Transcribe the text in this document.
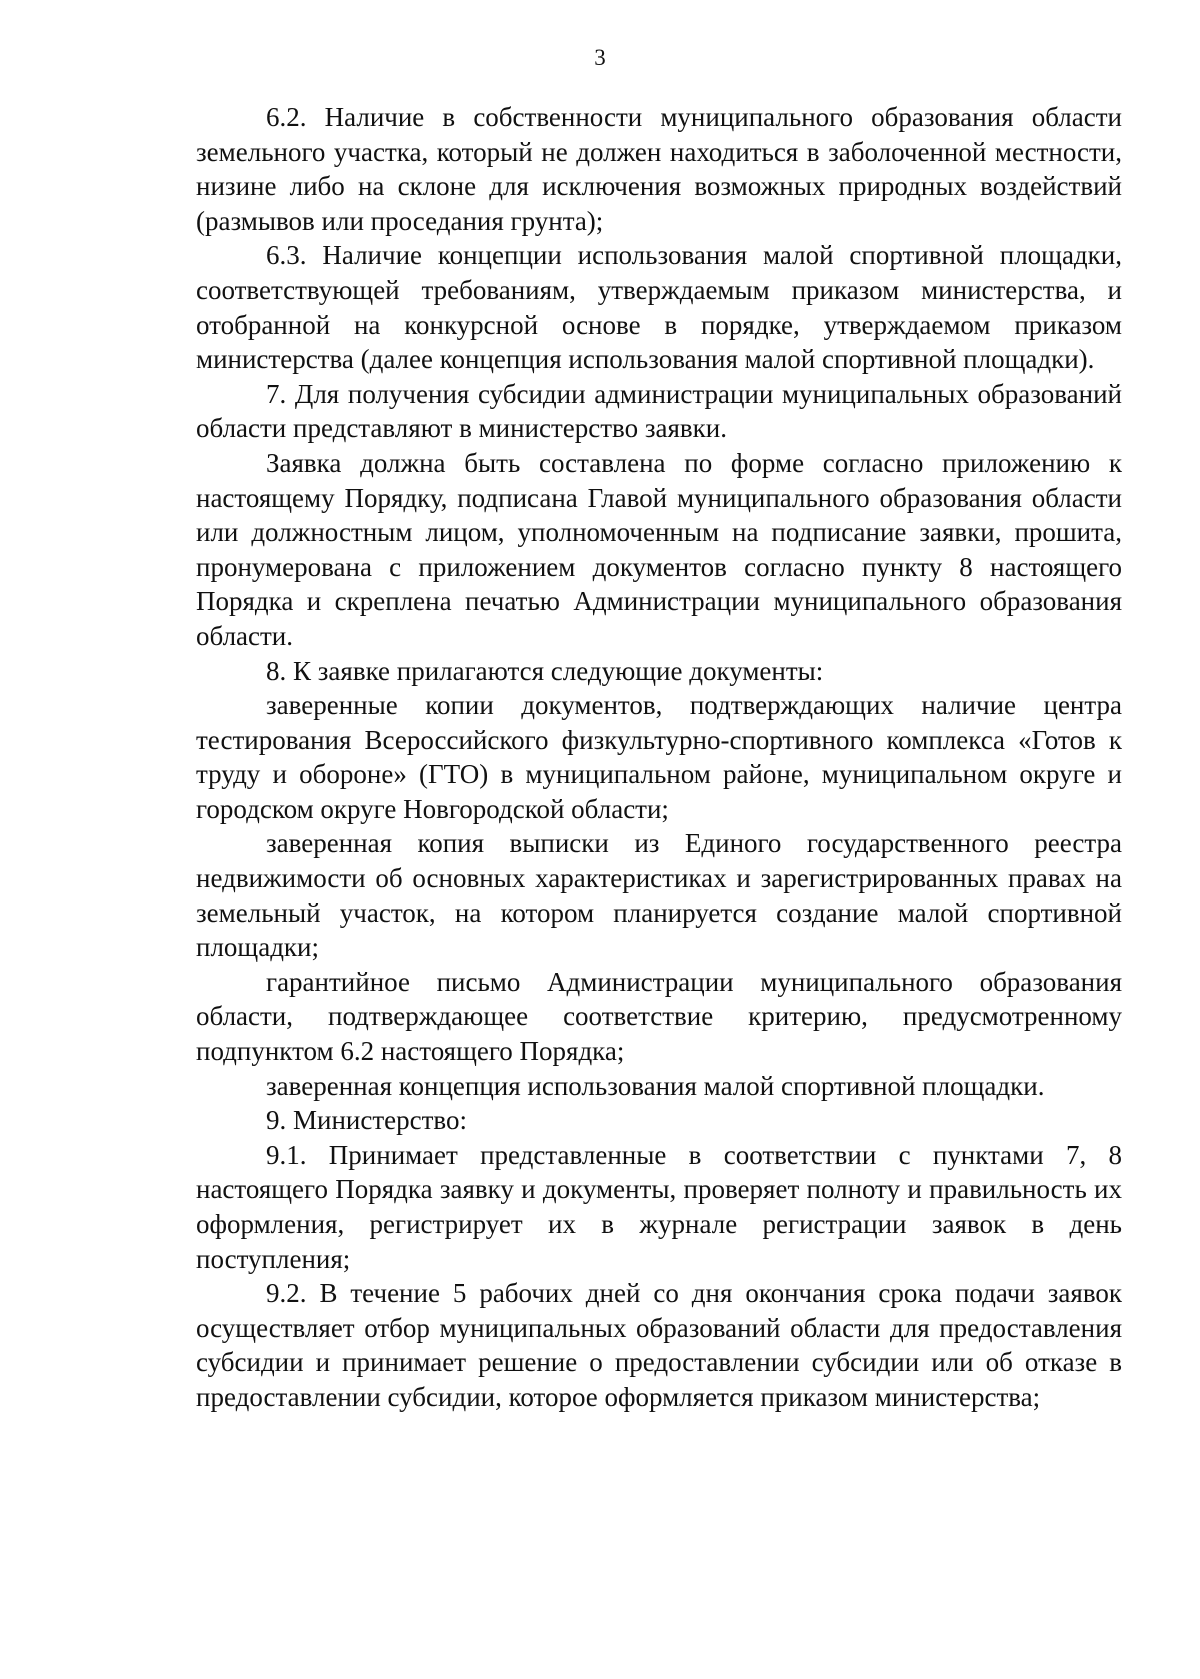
3

6.2. Наличие в собственности муниципального образования области земельного участка, который не должен находиться в заболоченной местности, низине либо на склоне для исключения возможных природных воздействий (размывов или проседания грунта);

6.3. Наличие концепции использования малой спортивной площадки, соответствующей требованиям, утверждаемым приказом министерства, и отобранной на конкурсной основе в порядке, утверждаемом приказом министерства (далее концепция использования малой спортивной площадки).

7. Для получения субсидии администрации муниципальных образований области представляют в министерство заявки.

Заявка должна быть составлена по форме согласно приложению к настоящему Порядку, подписана Главой муниципального образования области или должностным лицом, уполномоченным на подписание заявки, прошита, пронумерована с приложением документов согласно пункту 8 настоящего Порядка и скреплена печатью Администрации муниципального образования области.

8. К заявке прилагаются следующие документы:

заверенные копии документов, подтверждающих наличие центра тестирования Всероссийского физкультурно-спортивного комплекса «Готов к труду и обороне» (ГТО) в муниципальном районе, муниципальном округе и городском округе Новгородской области;

заверенная копия выписки из Единого государственного реестра недвижимости об основных характеристиках и зарегистрированных правах на земельный участок, на котором планируется создание малой спортивной площадки;

гарантийное письмо Администрации муниципального образования области, подтверждающее соответствие критерию, предусмотренному подпунктом 6.2 настоящего Порядка;

заверенная концепция использования малой спортивной площадки.

9. Министерство:

9.1. Принимает представленные в соответствии с пунктами 7, 8 настоящего Порядка заявку и документы, проверяет полноту и правильность их оформления, регистрирует их в журнале регистрации заявок в день поступления;

9.2. В течение 5 рабочих дней со дня окончания срока подачи заявок осуществляет отбор муниципальных образований области для предоставления субсидии и принимает решение о предоставлении субсидии или об отказе в предоставлении субсидии, которое оформляется приказом министерства;
